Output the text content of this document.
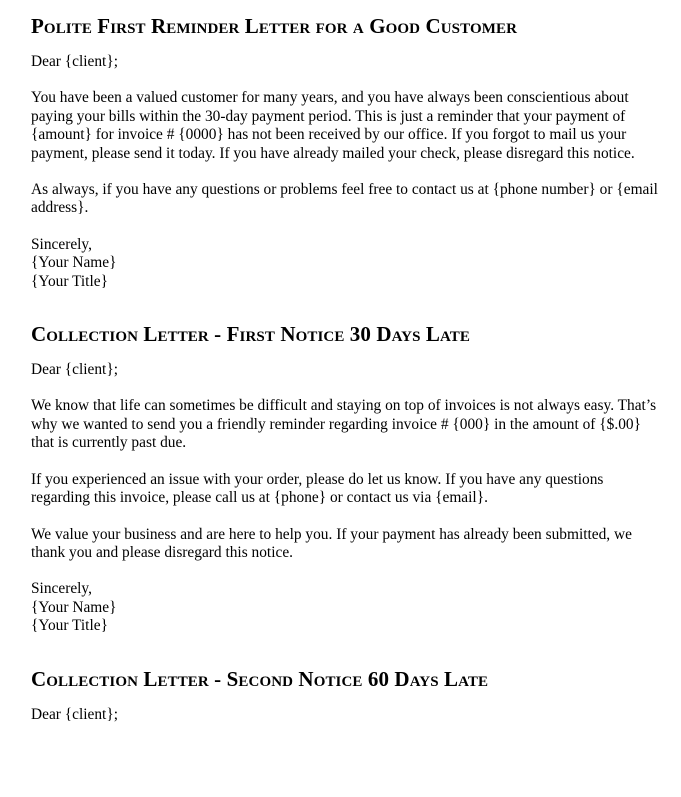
Polite First Reminder Letter for a Good Customer

Dear {client};

You have been a valued customer for many years, and you have always been conscientious about paying your bills within the 30-day payment period. This is just a reminder that your payment of {amount} for invoice # {0000} has not been received by our office. If you forgot to mail us your payment, please send it today. If you have already mailed your check, please disregard this notice.

As always, if you have any questions or problems feel free to contact us at {phone number} or {email address}.

Sincerely,
{Your Name}
{Your Title}
Collection Letter - First Notice 30 Days Late

Dear {client};

We know that life can sometimes be difficult and staying on top of invoices is not always easy. That’s why we wanted to send you a friendly reminder regarding invoice # {000} in the amount of {$.00} that is currently past due.

If you experienced an issue with your order, please do let us know. If you have any questions regarding this invoice, please call us at {phone} or contact us via {email}.

We value your business and are here to help you. If your payment has already been submitted, we thank you and please disregard this notice.

Sincerely,
{Your Name}
{Your Title}
Collection Letter - Second Notice 60 Days Late

Dear {client};
